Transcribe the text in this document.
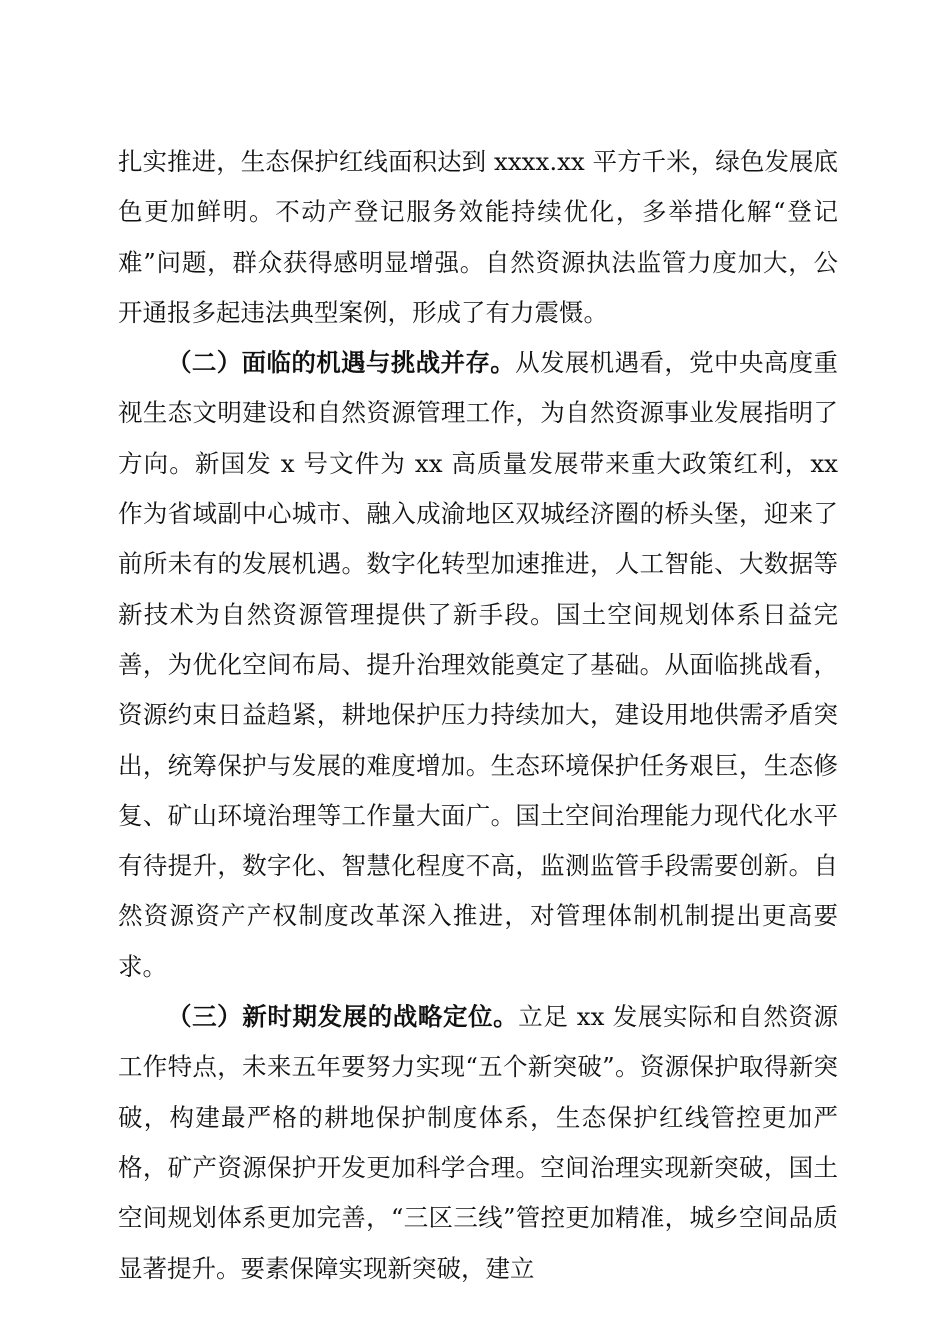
扎实推进，生态保护红线面积达到 xxxx.xx 平方千米，绿色发展底色更加鲜明。不动产登记服务效能持续优化，多举措化解“登记难”问题，群众获得感明显增强。自然资源执法监管力度加大，公开通报多起违法典型案例，形成了有力震慑。

（二）面临的机遇与挑战并存。从发展机遇看，党中央高度重视生态文明建设和自然资源管理工作，为自然资源事业发展指明了方向。新国发 x 号文件为 xx 高质量发展带来重大政策红利，xx 作为省域副中心城市、融入成渝地区双城经济圈的桥头堡，迎来了前所未有的发展机遇。数字化转型加速推进，人工智能、大数据等新技术为自然资源管理提供了新手段。国土空间规划体系日益完善，为优化空间布局、提升治理效能奠定了基础。从面临挑战看，资源约束日益趋紧，耕地保护压力持续加大，建设用地供需矛盾突出，统筹保护与发展的难度增加。生态环境保护任务艰巨，生态修复、矿山环境治理等工作量大面广。国土空间治理能力现代化水平有待提升，数字化、智慧化程度不高，监测监管手段需要创新。自然资源资产产权制度改革深入推进，对管理体制机制提出更高要求。

（三）新时期发展的战略定位。立足 xx 发展实际和自然资源工作特点，未来五年要努力实现“五个新突破”。资源保护取得新突破，构建最严格的耕地保护制度体系，生态保护红线管控更加严格，矿产资源保护开发更加科学合理。空间治理实现新突破，国土空间规划体系更加完善，“三区三线”管控更加精准，城乡空间品质显著提升。要素保障实现新突破，建立
